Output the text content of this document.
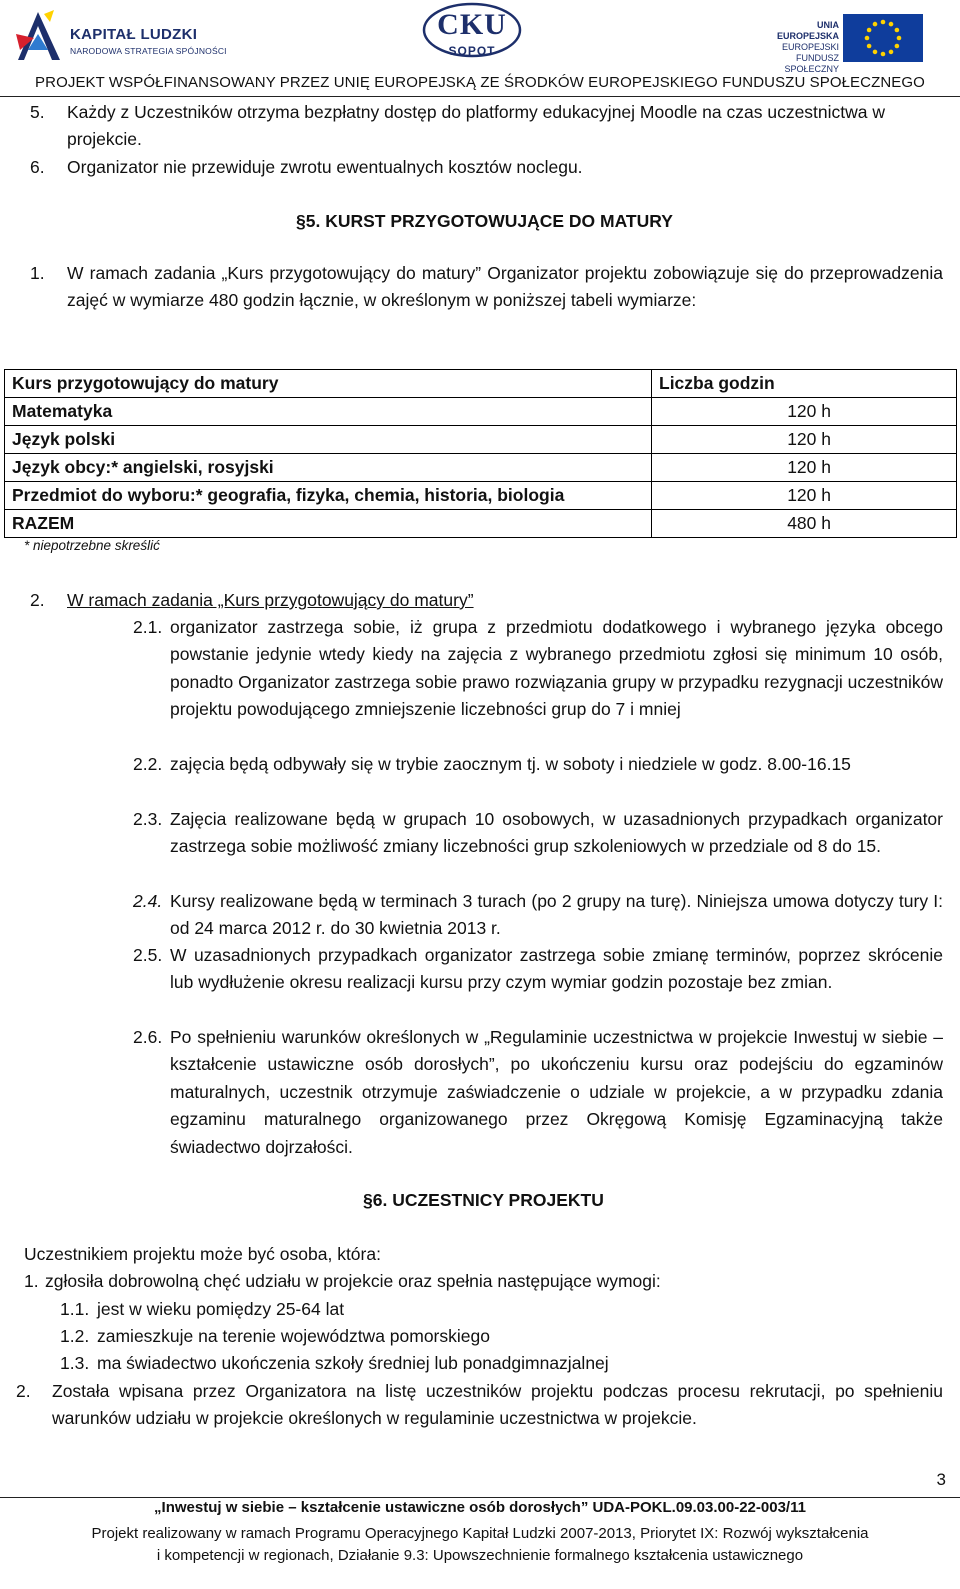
KAPITAŁ LUDZKI
NARODOWA STRATEGIA SPÓJNOŚCI
CKU
SOPOT
UNIA EUROPEJSKA
EUROPEJSKI
FUNDUSZ SPOŁECZNY
PROJEKT WSPÓŁFINANSOWANY PRZEZ UNIĘ EUROPEJSKĄ ZE ŚRODKÓW EUROPEJSKIEGO FUNDUSZU SPOŁECZNEGO
5. Każdy z Uczestników otrzyma bezpłatny dostęp do platformy edukacyjnej Moodle na czas uczestnictwa w projekcie.
6. Organizator nie przewiduje zwrotu ewentualnych kosztów noclegu.
§5. KURST PRZYGOTOWUJĄCE DO MATURY
1. W ramach zadania „Kurs przygotowujący do matury” Organizator projektu zobowiązuje się do przeprowadzenia zajęć w wymiarze 480 godzin łącznie, w określonym w poniższej tabeli wymiarze:
Kurs przygotowujący do matury	Liczba godzin
Matematyka	120 h
Język polski	120 h
Język obcy:* angielski, rosyjski	120 h
Przedmiot do wyboru:* geografia, fizyka, chemia, historia, biologia	120 h
RAZEM	480 h
* niepotrzebne skreślić
2. W ramach zadania „Kurs przygotowujący do matury”
2.1. organizator zastrzega sobie, iż grupa z przedmiotu dodatkowego i wybranego języka obcego powstanie jedynie wtedy kiedy na zajęcia z wybranego przedmiotu zgłosi się minimum 10 osób, ponadto Organizator zastrzega sobie prawo rozwiązania grupy w przypadku rezygnacji uczestników projektu powodującego zmniejszenie liczebności grup do 7 i mniej
2.2. zajęcia będą odbywały się w trybie zaocznym tj. w soboty i niedziele w godz. 8.00-16.15
2.3. Zajęcia realizowane będą w grupach 10 osobowych, w uzasadnionych przypadkach organizator zastrzega sobie możliwość zmiany liczebności grup szkoleniowych w przedziale od 8 do 15.
2.4. Kursy realizowane będą w terminach 3 turach (po 2 grupy na turę). Niniejsza umowa dotyczy tury I: od 24 marca 2012 r. do 30 kwietnia 2013 r.
2.5. W uzasadnionych przypadkach organizator zastrzega sobie zmianę terminów, poprzez skrócenie lub wydłużenie okresu realizacji kursu przy czym wymiar godzin pozostaje bez zmian.
2.6. Po spełnieniu warunków określonych w „Regulaminie uczestnictwa w projekcie Inwestuj w siebie – kształcenie ustawiczne osób dorosłych”, po ukończeniu kursu oraz podejściu do egzaminów maturalnych, uczestnik otrzymuje zaświadczenie o udziale w projekcie, a w przypadku zdania egzaminu maturalnego organizowanego przez Okręgową Komisję Egzaminacyjną także świadectwo dojrzałości.
§6. UCZESTNICY PROJEKTU
Uczestnikiem projektu może być osoba, która:
1. zgłosiła dobrowolną chęć udziału w projekcie oraz spełnia następujące wymogi:
1.1. jest w wieku pomiędzy 25-64 lat
1.2. zamieszkuje na terenie województwa pomorskiego
1.3. ma świadectwo ukończenia szkoły średniej lub ponadgimnazjalnej
2. Została wpisana przez Organizatora na listę uczestników projektu podczas procesu rekrutacji, po spełnieniu warunków udziału w projekcie określonych w regulaminie uczestnictwa w projekcie.
3
„Inwestuj w siebie – kształcenie ustawiczne osób dorosłych” UDA-POKL.09.03.00-22-003/11
Projekt realizowany w ramach Programu Operacyjnego Kapitał Ludzki 2007-2013, Priorytet IX: Rozwój wykształcenia
i kompetencji w regionach, Działanie 9.3: Upowszechnienie formalnego kształcenia ustawicznego
